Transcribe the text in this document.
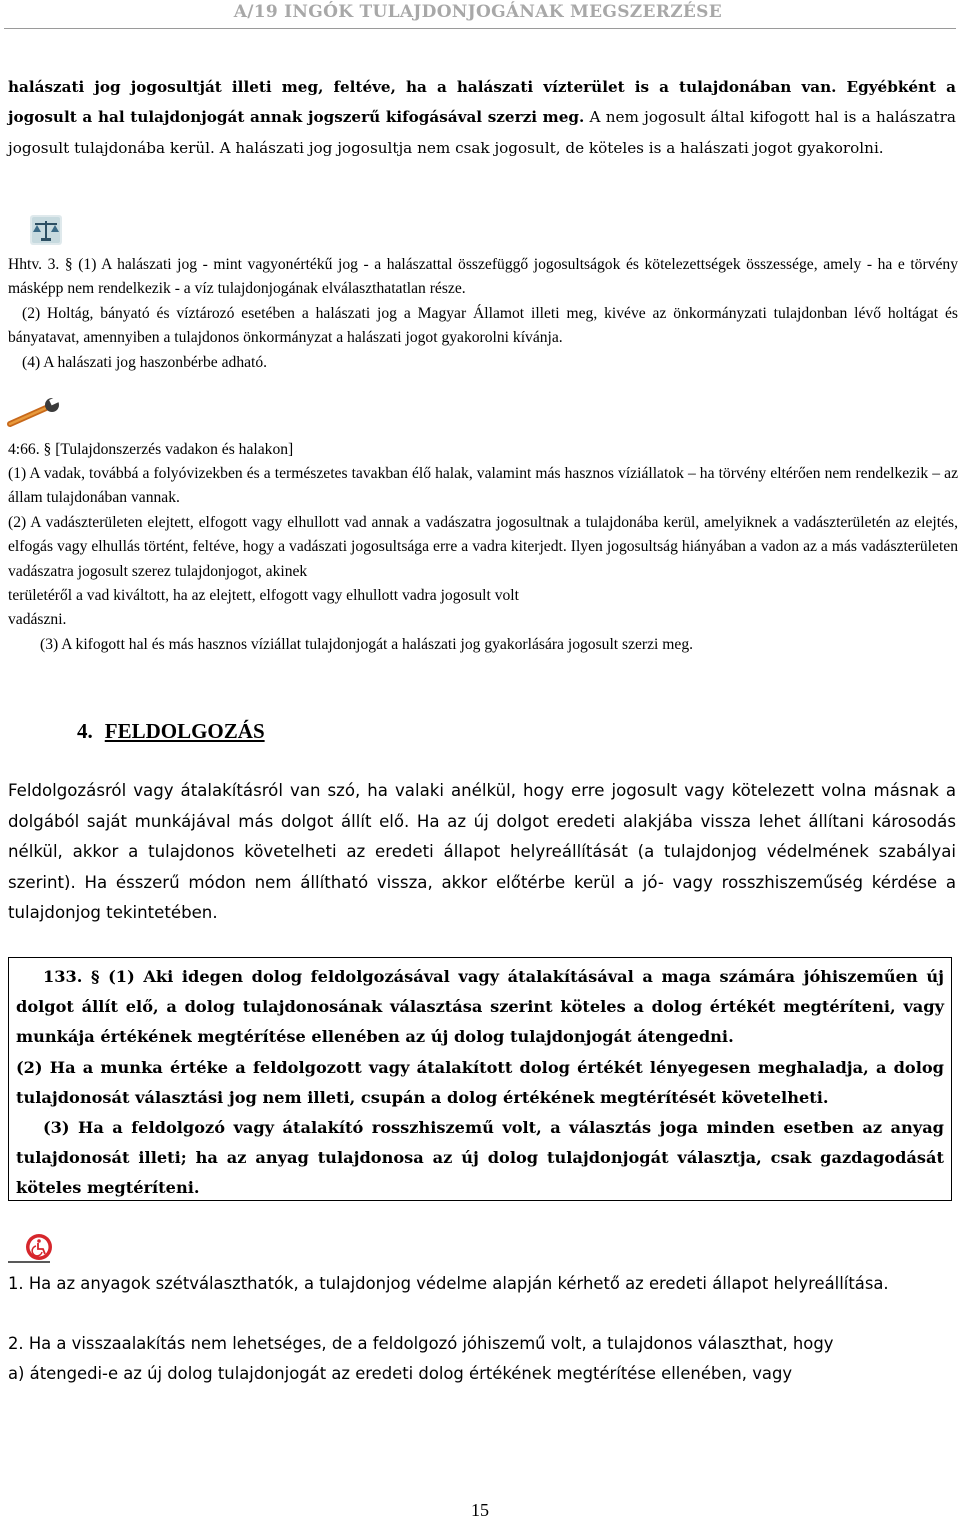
A/19 INGÓK TULAJDONJOGÁNAK MEGSZERZÉSE

halászati jog jogosultját illeti meg, feltéve, ha a halászati vízterület is a tulajdonában van. Egyébként a jogosult a hal tulajdonjogát annak jogszerű kifogásával szerzi meg. A nem jogosult által kifogott hal is a halászatra jogosult tulajdonába kerül. A halászati jog jogosultja nem csak jogosult, de köteles is a halászati jogot gyakorolni.

Hhtv. 3. § (1) A halászati jog - mint vagyonértékű jog - a halászattal összefüggő jogosultságok és kötelezettségek összessége, amely - ha e törvény másképp nem rendelkezik - a víz tulajdonjogának elválaszthatatlan része.

(2) Holtág, bányató és víztározó esetében a halászati jog a Magyar Államot illeti meg, kivéve az önkormányzati tulajdonban lévő holtágat és bányatavat, amennyiben a tulajdonos önkormányzat a halászati jogot gyakorolni kívánja.

(4) A halászati jog haszonbérbe adható.

4:66. § [Tulajdonszerzés vadakon és halakon]

(1) A vadak, továbbá a folyóvizekben és a természetes tavakban élő halak, valamint más hasznos víziállatok – ha törvény eltérően nem rendelkezik – az állam tulajdonában vannak.

(2) A vadászterületen elejtett, elfogott vagy elhullott vad annak a vadászatra jogosultnak a tulajdonába kerül, amelyiknek a vadászterületén az elejtés, elfogás vagy elhullás történt, feltéve, hogy a vadászati jogosultsága erre a vadra kiterjedt. Ilyen jogosultság hiányában a vadon az a más vadászterületen vadászatra jogosult szerez tulajdonjogot, akinek

területéről a vad kiváltott, ha az elejtett, elfogott vagy elhullott vadra jogosult volt

vadászni.

(3) A kifogott hal és más hasznos víziállat tulajdonjogát a halászati jog gyakorlására jogosult szerzi meg.

4. FELDOLGOZÁS

Feldolgozásról vagy átalakításról van szó, ha valaki anélkül, hogy erre jogosult vagy kötelezett volna másnak a dolgából saját munkájával más dolgot állít elő. Ha az új dolgot eredeti alakjába vissza lehet állítani károsodás nélkül, akkor a tulajdonos követelheti az eredeti állapot helyreállítását (a tulajdonjog védelmének szabályai szerint). Ha ésszerű módon nem állítható vissza, akkor előtérbe kerül a jó- vagy rosszhiszeműség kérdése a tulajdonjog tekintetében.

133. § (1) Aki idegen dolog feldolgozásával vagy átalakításával a maga számára jóhiszeműen új dolgot állít elő, a dolog tulajdonosának választása szerint köteles a dolog értékét megtéríteni, vagy munkája értékének megtérítése ellenében az új dolog tulajdonjogát átengedni.

(2) Ha a munka értéke a feldolgozott vagy átalakított dolog értékét lényegesen meghaladja, a dolog tulajdonosát választási jog nem illeti, csupán a dolog értékének megtérítését követelheti.

(3) Ha a feldolgozó vagy átalakító rosszhiszemű volt, a választás joga minden esetben az anyag tulajdonosát illeti; ha az anyag tulajdonosa az új dolog tulajdonjogát választja, csak gazdagodását köteles megtéríteni.

1. Ha az anyagok szétválaszthatók, a tulajdonjog védelme alapján kérhető az eredeti állapot helyreállítása.

2. Ha a visszaalakítás nem lehetséges, de a feldolgozó jóhiszemű volt, a tulajdonos választhat, hogy

a) átengedi-e az új dolog tulajdonjogát az eredeti dolog értékének megtérítése ellenében, vagy

15
